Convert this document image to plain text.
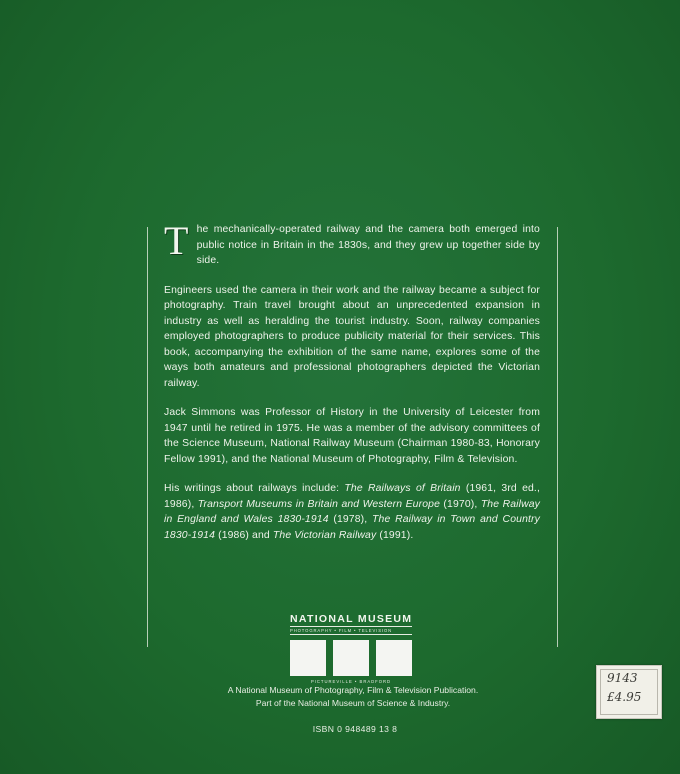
The mechanically-operated railway and the camera both emerged into public notice in Britain in the 1830s, and they grew up together side by side.

Engineers used the camera in their work and the railway became a subject for photography. Train travel brought about an unprecedented expansion in industry as well as heralding the tourist industry. Soon, railway companies employed photographers to produce publicity material for their services. This book, accompanying the exhibition of the same name, explores some of the ways both amateurs and professional photographers depicted the Victorian railway.

Jack Simmons was Professor of History in the University of Leicester from 1947 until he retired in 1975. He was a member of the advisory committees of the Science Museum, National Railway Museum (Chairman 1980-83, Honorary Fellow 1991), and the National Museum of Photography, Film & Television.

His writings about railways include: The Railways of Britain (1961, 3rd ed., 1986), Transport Museums in Britain and Western Europe (1970), The Railway in England and Wales 1830-1914 (1978), The Railway in Town and Country 1830-1914 (1986) and The Victorian Railway (1991).

NATIONAL MUSEUM
PHOTOGRAPHY • FILM • TELEVISION
PICTUREVILLE • BRADFORD
A National Museum of Photography, Film & Television Publication.
Part of the National Museum of Science & Industry.
ISBN 0 948489 13 8
9143
£4.95
